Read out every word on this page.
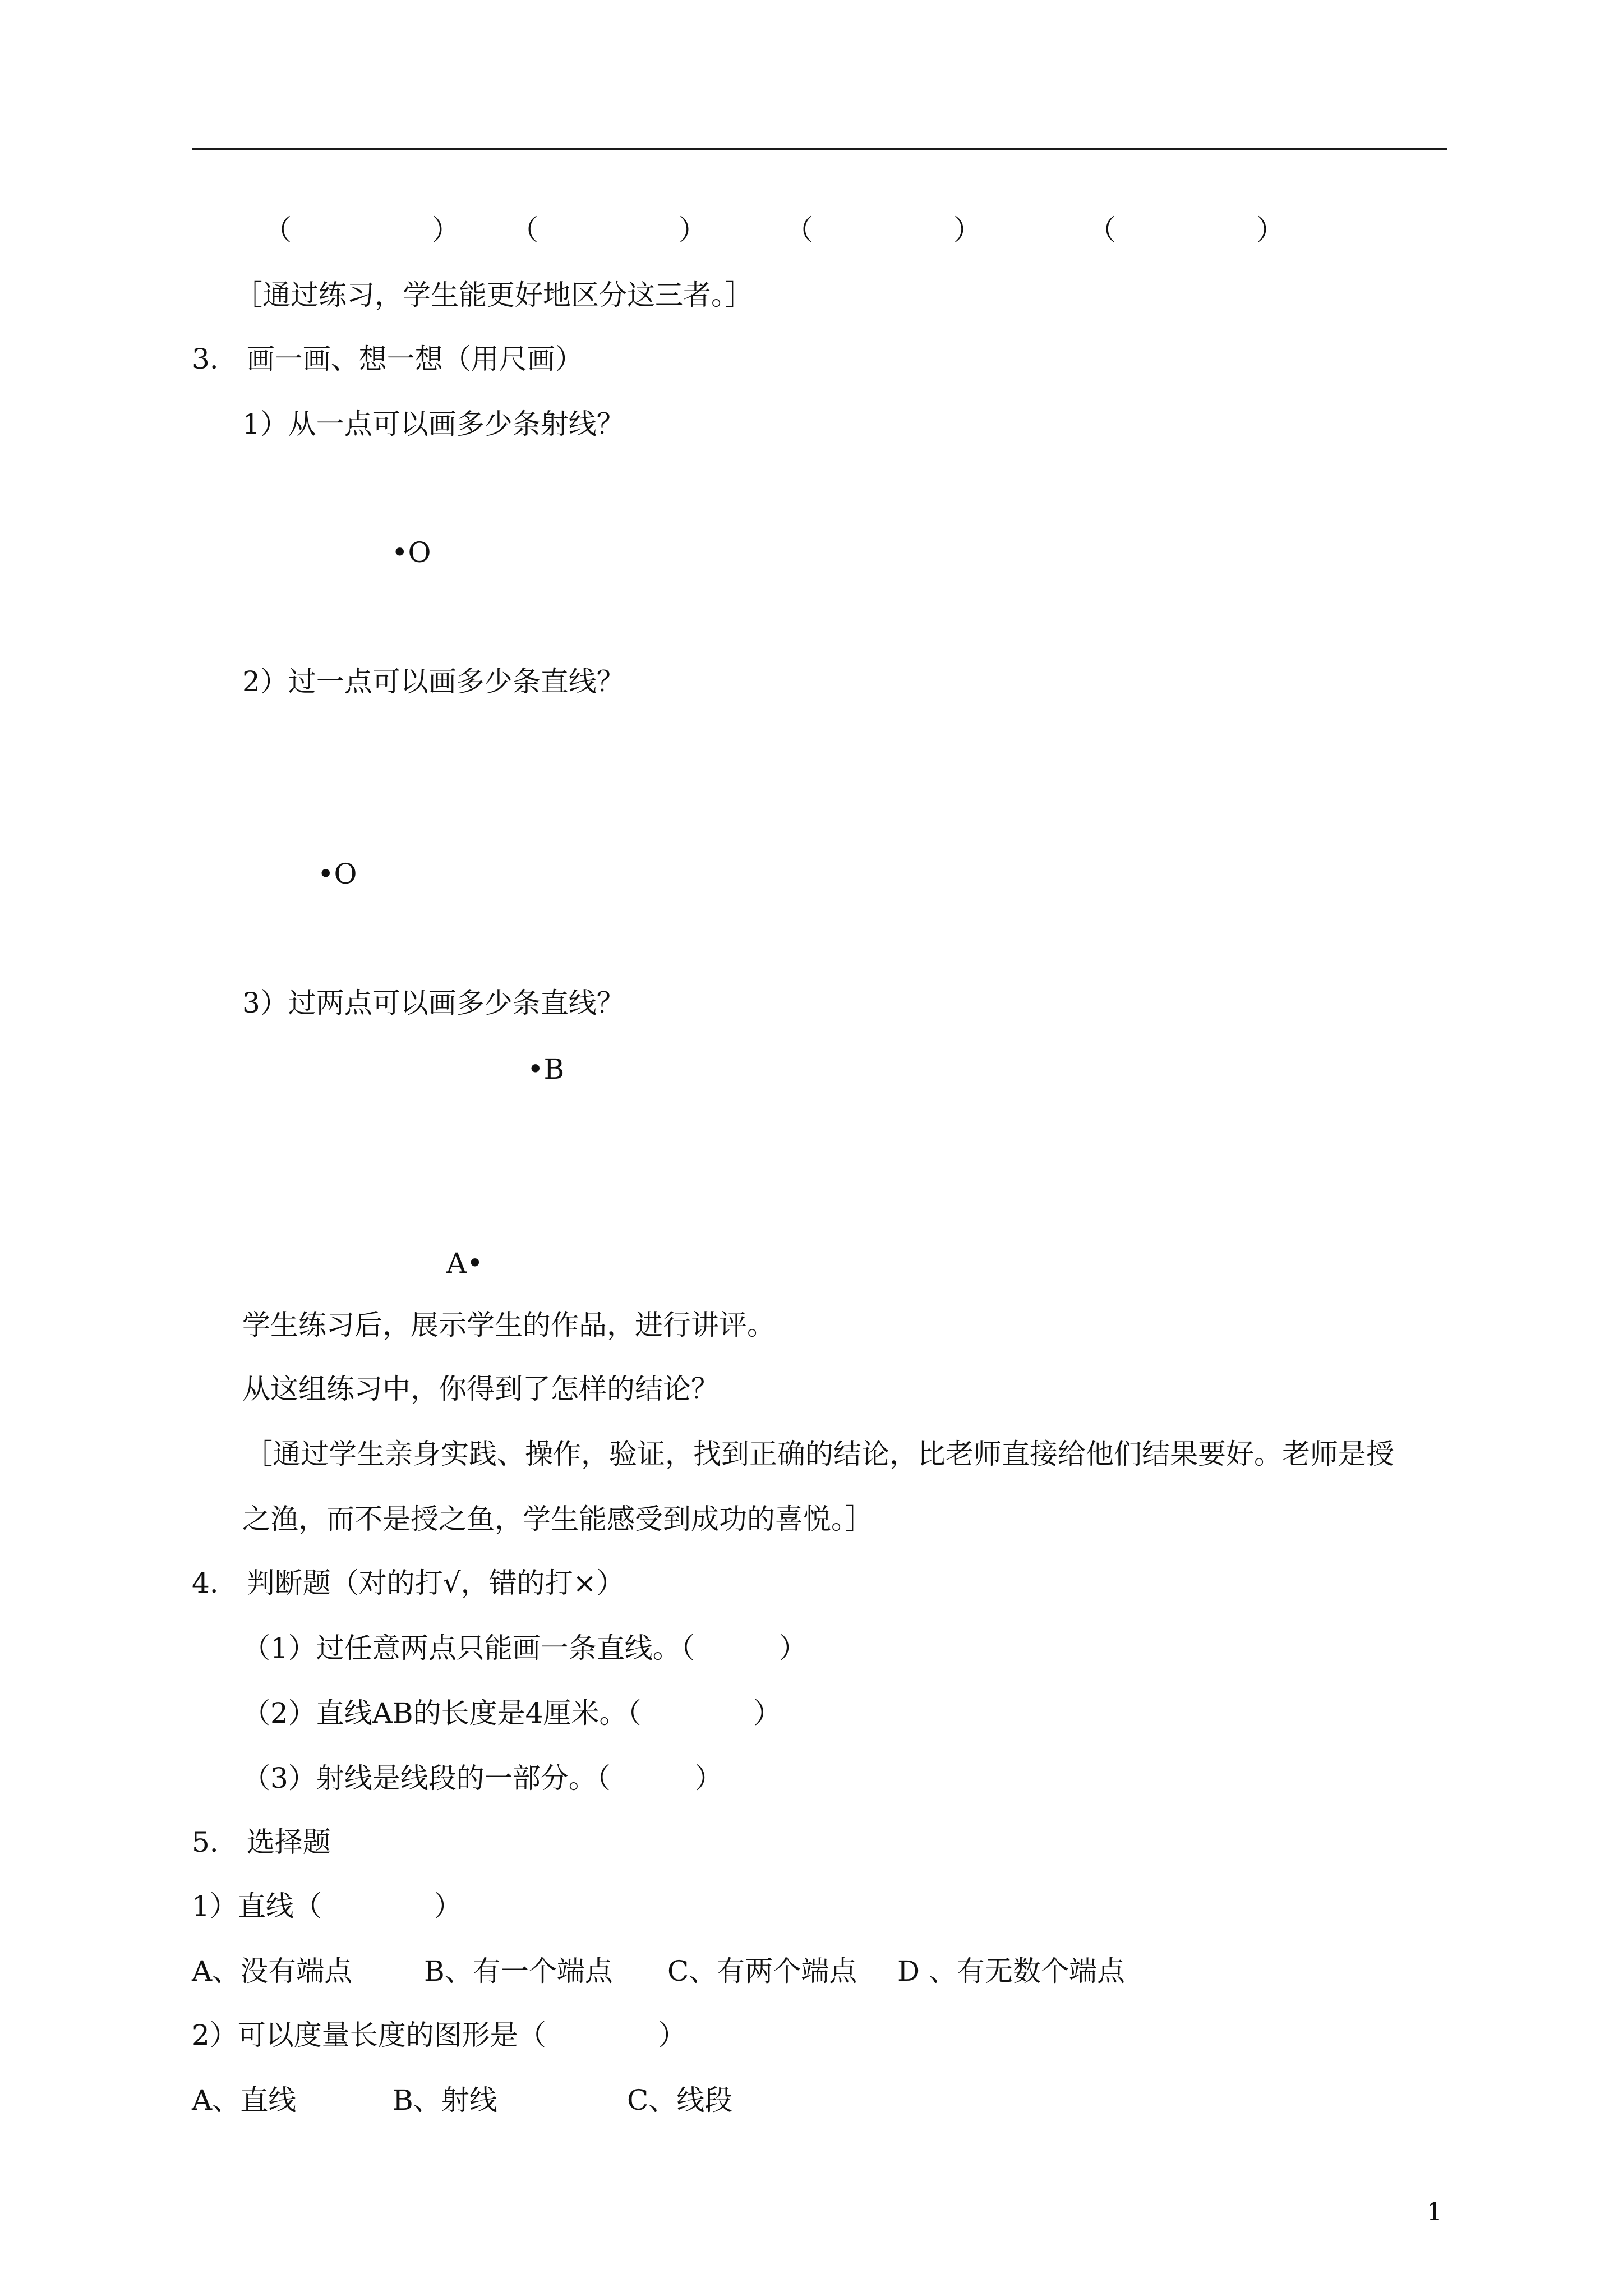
（　　　　　） （　　　　　）	（　　　　　）	（　　　　　）
［通过练习，学生能更好地区分这三者。］
3.　画一画、想一想（用尺画）
1）从一点可以画多少条射线？
•O
2）过一点可以画多少条直线？
•O
3）过两点可以画多少条直线？
•B
A•
学生练习后，展示学生的作品，进行讲评。
从这组练习中，你得到了怎样的结论？
［通过学生亲身实践、操作，验证，找到正确的结论，比老师直接给他们结果要好。老师是授
之渔，而不是授之鱼，学生能感受到成功的喜悦。］
4.　判断题（对的打√，错的打×）
（1）过任意两点只能画一条直线。（　　　）
（2）直线AB的长度是4厘米。（　　　　）
（3）射线是线段的一部分。（　　　）
5.　选择题
1）直线（　　　　）
A、没有端点	B、有一个端点 C、有两个端点 D 、有无数个端点
2）可以度量长度的图形是（　　　　）
A、直线	B、射线	C、线段
1
